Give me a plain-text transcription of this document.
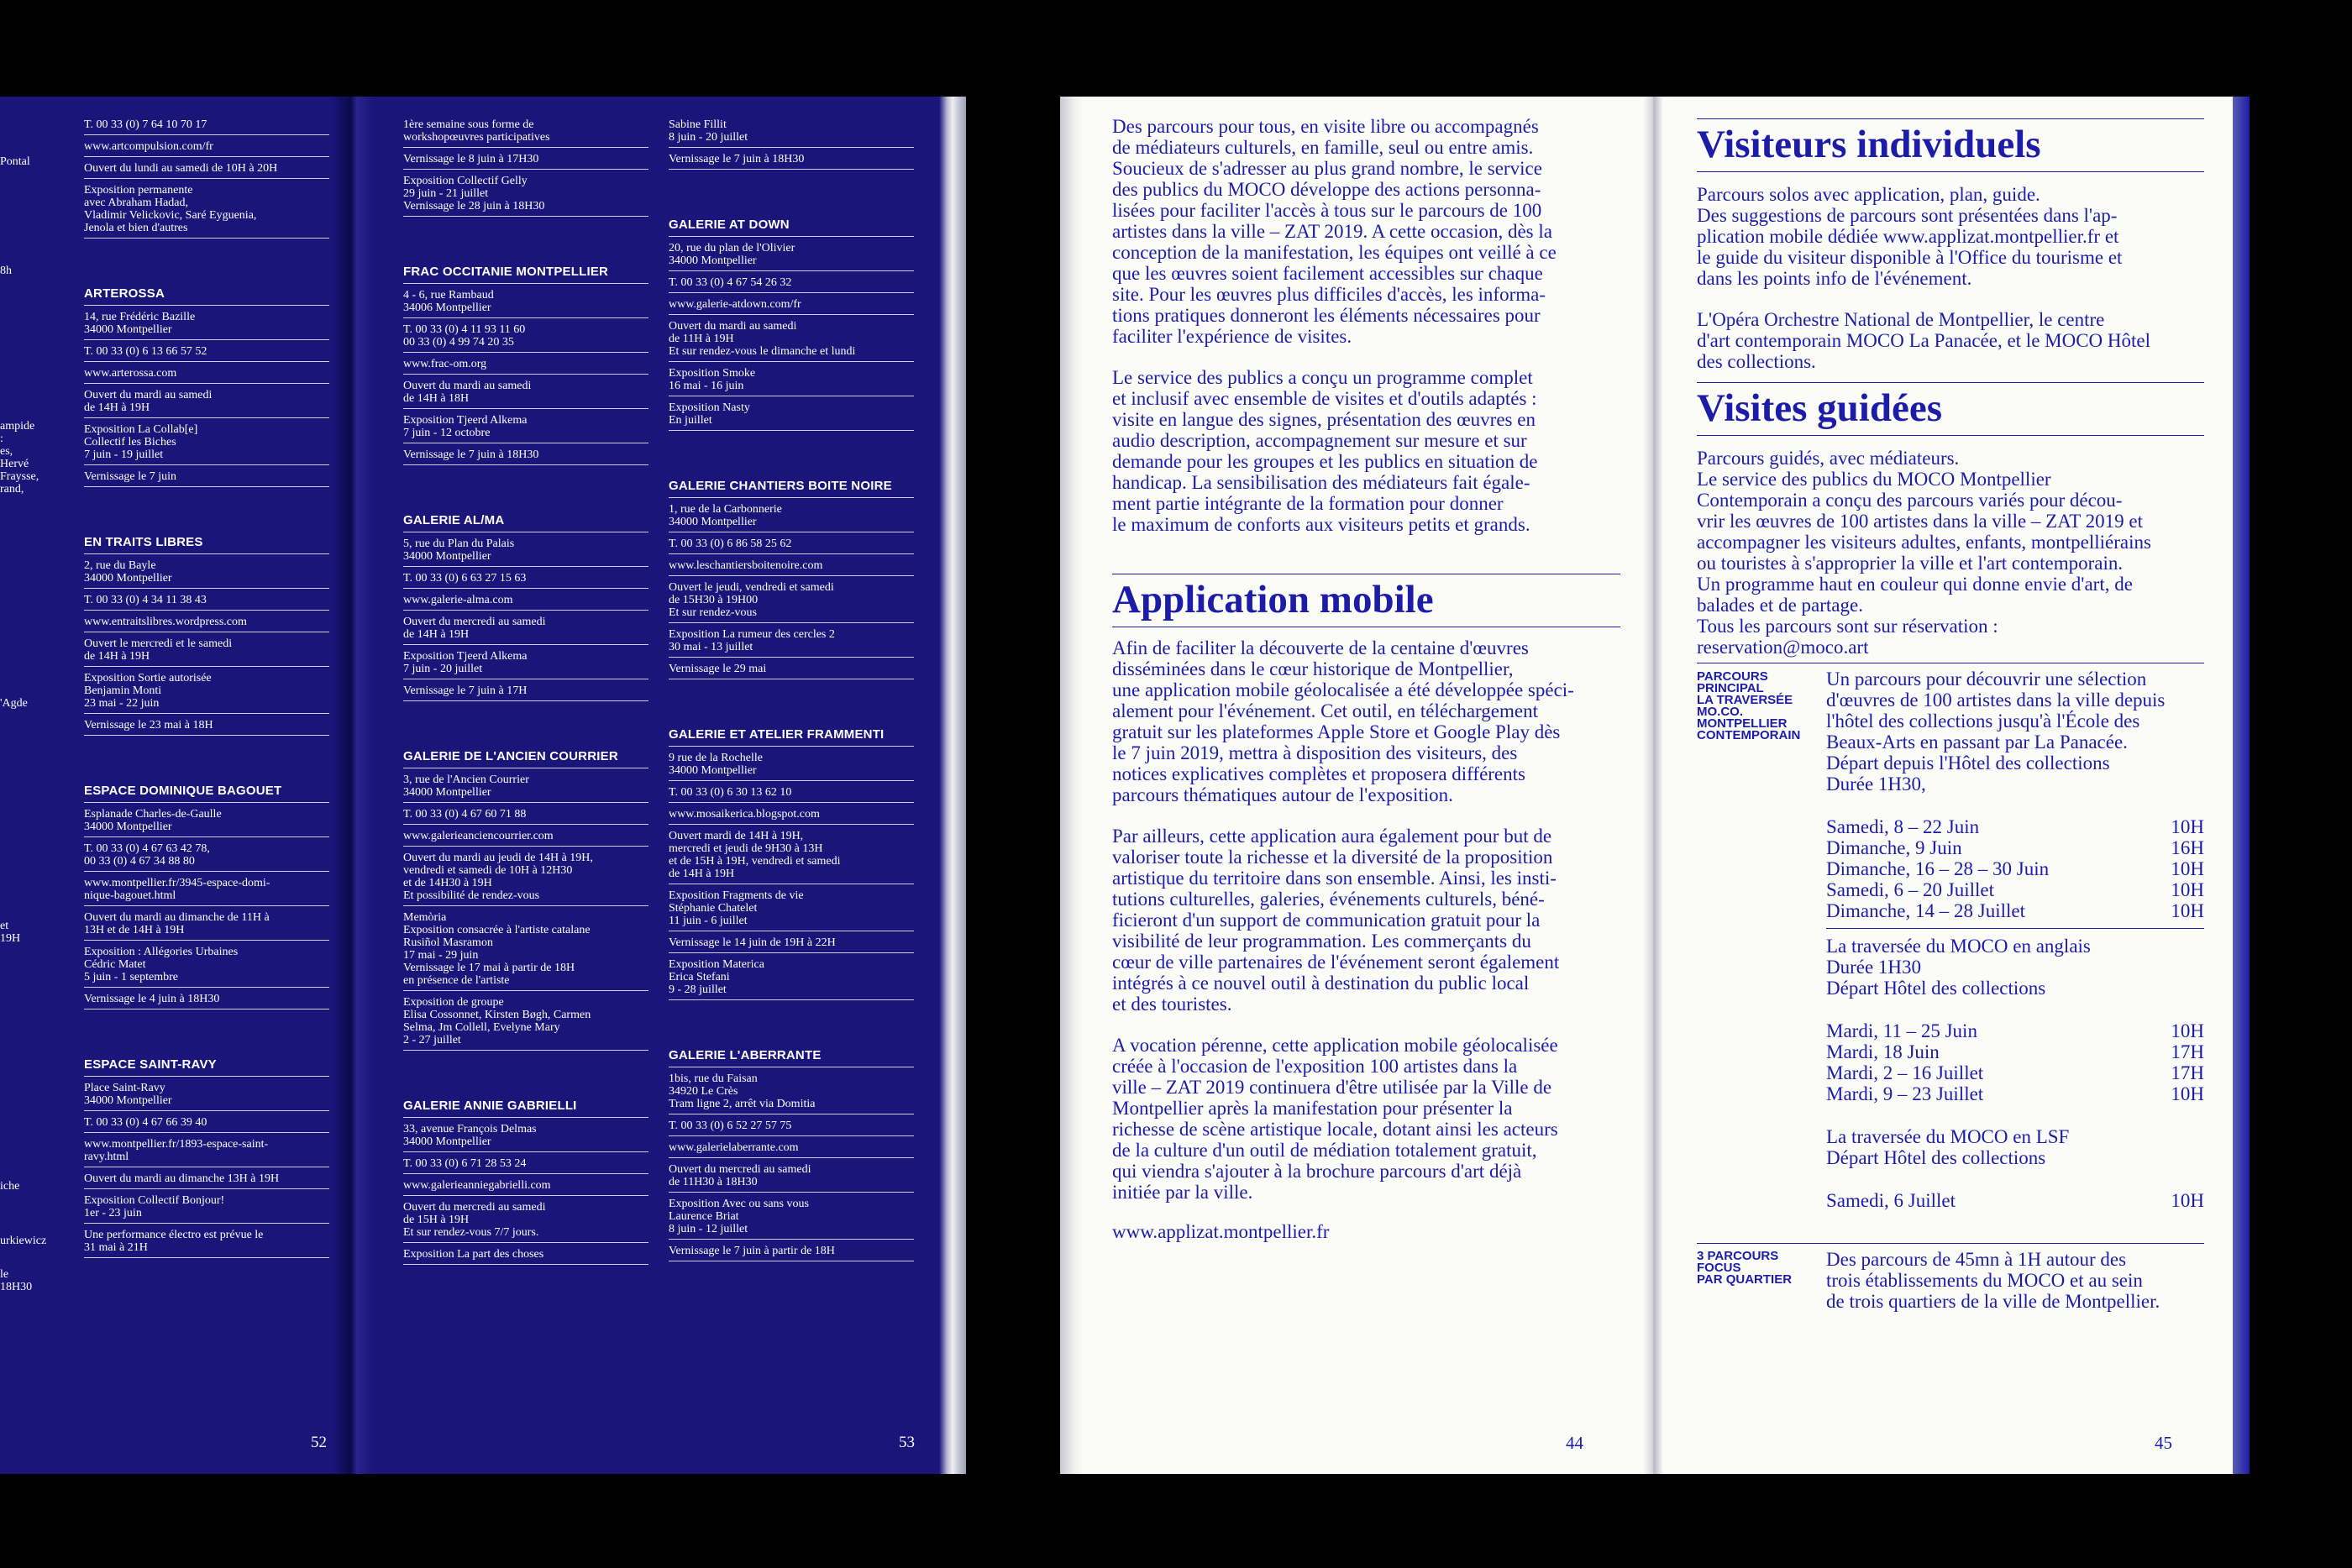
Pontal
8h
ampide :
es, Hervé
Fraysse,
rand,
'Agde
et
19H
iche
urkiewicz
le 18H30
T. 00 33 (0) 7 64 10 70 17
www.artcompulsion.com/fr
Ouvert du lundi au samedi de 10H à 20H
Exposition permanente
avec Abraham Hadad,
Vladimir Velickovic, Saré Eyguenia,
Jenola et bien d'autres
ARTEROSSA
14, rue Frédéric Bazille
34000 Montpellier
T. 00 33 (0) 6 13 66 57 52
www.arterossa.com
Ouvert du mardi au samedi
de 14H à 19H
Exposition La Collab[e]
Collectif les Biches
7 juin - 19 juillet
Vernissage le 7 juin
EN TRAITS LIBRES
2, rue du Bayle
34000 Montpellier
T. 00 33 (0) 4 34 11 38 43
www.entraitslibres.wordpress.com
Ouvert le mercredi et le samedi
de 14H à 19H
Exposition Sortie autorisée
Benjamin Monti
23 mai - 22 juin
Vernissage le 23 mai à 18H
ESPACE DOMINIQUE BAGOUET
Esplanade Charles-de-Gaulle
34000 Montpellier
T. 00 33 (0) 4 67 63 42 78,
00 33 (0) 4 67 34 88 80
www.montpellier.fr/3945-espace-domi-
nique-bagouet.html
Ouvert du mardi au dimanche de 11H à
13H et de 14H à 19H
Exposition : Allégories Urbaines
Cédric Matet
5 juin - 1 septembre
Vernissage le 4 juin à 18H30
ESPACE SAINT-RAVY
Place Saint-Ravy
34000 Montpellier
T. 00 33 (0) 4 67 66 39 40
www.montpellier.fr/1893-espace-saint-
ravy.html
Ouvert du mardi au dimanche 13H à 19H
Exposition Collectif Bonjour!
1er - 23 juin
Une performance électro est prévue le
31 mai à 21H
1ère semaine sous forme de
workshopœuvres participatives
Vernissage le 8 juin à 17H30
Exposition Collectif Gelly
29 juin - 21 juillet
Vernissage le 28 juin à 18H30
FRAC OCCITANIE MONTPELLIER
4 - 6, rue Rambaud
34006 Montpellier
T. 00 33 (0) 4 11 93 11 60
00 33 (0) 4 99 74 20 35
www.frac-om.org
Ouvert du mardi au samedi
de 14H à 18H
Exposition Tjeerd Alkema
7 juin - 12 octobre
Vernissage le 7 juin à 18H30
GALERIE AL/MA
5, rue du Plan du Palais
34000 Montpellier
T. 00 33 (0) 6 63 27 15 63
www.galerie-alma.com
Ouvert du mercredi au samedi
de 14H à 19H
Exposition Tjeerd Alkema
7 juin - 20 juillet
Vernissage le 7 juin à 17H
GALERIE DE L'ANCIEN COURRIER
3, rue de l'Ancien Courrier
34000 Montpellier
T. 00 33 (0) 4 67 60 71 88
www.galerieanciencourrier.com
Ouvert du mardi au jeudi de 14H à 19H,
vendredi et samedi de 10H à 12H30
et de 14H30 à 19H
Et possibilité de rendez-vous
Memòria
Exposition consacrée à l'artiste catalane
Rusiñol Masramon
17 mai - 29 juin
Vernissage le 17 mai à partir de 18H
en présence de l'artiste
Exposition de groupe
Elisa Cossonnet, Kirsten Bøgh, Carmen
Selma, Jm Collell, Evelyne Mary
2 - 27 juillet
GALERIE ANNIE GABRIELLI
33, avenue François Delmas
34000 Montpellier
T. 00 33 (0) 6 71 28 53 24
www.galerieanniegabrielli.com
Ouvert du mercredi au samedi
de 15H à 19H
Et sur rendez-vous 7/7 jours.
Exposition La part des choses
Sabine Fillit
8 juin - 20 juillet
Vernissage le 7 juin à 18H30
GALERIE AT DOWN
20, rue du plan de l'Olivier
34000 Montpellier
T. 00 33 (0) 4 67 54 26 32
www.galerie-atdown.com/fr
Ouvert du mardi au samedi
de 11H à 19H
Et sur rendez-vous le dimanche et lundi
Exposition Smoke
16 mai - 16 juin
Exposition Nasty
En juillet
GALERIE CHANTIERS BOITE NOIRE
1, rue de la Carbonnerie
34000 Montpellier
T. 00 33 (0) 6 86 58 25 62
www.leschantiersboitenoire.com
Ouvert le jeudi, vendredi et samedi
de 15H30 à 19H00
Et sur rendez-vous
Exposition La rumeur des cercles 2
30 mai - 13 juillet
Vernissage le 29 mai
GALERIE ET ATELIER FRAMMENTI
9 rue de la Rochelle
34000 Montpellier
T. 00 33 (0) 6 30 13 62 10
www.mosaikerica.blogspot.com
Ouvert mardi de 14H à 19H,
mercredi et jeudi de 9H30 à 13H
et de 15H à 19H, vendredi et samedi
de 14H à 19H
Exposition Fragments de vie
Stéphanie Chatelet
11 juin - 6 juillet
Vernissage le 14 juin de 19H à 22H
Exposition Materica
Erica Stefani
9 - 28 juillet
GALERIE L'ABERRANTE
1bis, rue du Faisan
34920 Le Crès
Tram ligne 2, arrêt via Domitia
T. 00 33 (0) 6 52 27 57 75
www.galerielaberrante.com
Ouvert du mercredi au samedi
de 11H30 à 18H30
Exposition Avec ou sans vous
Laurence Briat
8 juin - 12 juillet
Vernissage le 7 juin à partir de 18H
52	53
Des parcours pour tous, en visite libre ou accompagnés
de médiateurs culturels, en famille, seul ou entre amis.
Soucieux de s'adresser au plus grand nombre, le service
des publics du MOCO développe des actions personna-
lisées pour faciliter l'accès à tous sur le parcours de 100
artistes dans la ville – ZAT 2019. A cette occasion, dès la
conception de la manifestation, les équipes ont veillé à ce
que les œuvres soient facilement accessibles sur chaque
site. Pour les œuvres plus difficiles d'accès, les informa-
tions pratiques donneront les éléments nécessaires pour
faciliter l'expérience de visites.
Le service des publics a conçu un programme complet
et inclusif avec ensemble de visites et d'outils adaptés :
visite en langue des signes, présentation des œuvres en
audio description, accompagnement sur mesure et sur
demande pour les groupes et les publics en situation de
handicap. La sensibilisation des médiateurs fait égale-
ment partie intégrante de la formation pour donner
le maximum de conforts aux visiteurs petits et grands.
Application mobile
Afin de faciliter la découverte de la centaine d'œuvres
disséminées dans le cœur historique de Montpellier,
une application mobile géolocalisée a été développée spéci-
alement pour l'événement. Cet outil, en téléchargement
gratuit sur les plateformes Apple Store et Google Play dès
le 7 juin 2019, mettra à disposition des visiteurs, des
notices explicatives complètes et proposera différents
parcours thématiques autour de l'exposition.
Par ailleurs, cette application aura également pour but de
valoriser toute la richesse et la diversité de la proposition
artistique du territoire dans son ensemble. Ainsi, les insti-
tutions culturelles, galeries, événements culturels, béné-
ficieront d'un support de communication gratuit pour la
visibilité de leur programmation. Les commerçants du
cœur de ville partenaires de l'événement seront également
intégrés à ce nouvel outil à destination du public local
et des touristes.
A vocation pérenne, cette application mobile géolocalisée
créée à l'occasion de l'exposition 100 artistes dans la
ville – ZAT 2019 continuera d'être utilisée par la Ville de
Montpellier après la manifestation pour présenter la
richesse de scène artistique locale, dotant ainsi les acteurs
de la culture d'un outil de médiation totalement gratuit,
qui viendra s'ajouter à la brochure parcours d'art déjà
initiée par la ville.
www.applizat.montpellier.fr
44
Visiteurs individuels
Parcours solos avec application, plan, guide.
Des suggestions de parcours sont présentées dans l'ap-
plication mobile dédiée www.applizat.montpellier.fr et
le guide du visiteur disponible à l'Office du tourisme et
dans les points info de l'événement.
L'Opéra Orchestre National de Montpellier, le centre
d'art contemporain MOCO La Panacée, et le MOCO Hôtel
des collections.
Visites guidées
Parcours guidés, avec médiateurs.
Le service des publics du MOCO Montpellier
Contemporain a conçu des parcours variés pour décou-
vrir les œuvres de 100 artistes dans la ville – ZAT 2019 et
accompagner les visiteurs adultes, enfants, montpelliérains
ou touristes à s'approprier la ville et l'art contemporain.
Un programme haut en couleur qui donne envie d'art, de
balades et de partage.
Tous les parcours sont sur réservation :
reservation@moco.art
PARCOURS
PRINCIPAL
LA TRAVERSÉE
MO.CO.
MONTPELLIER
CONTEMPORAIN
Un parcours pour découvrir une sélection
d'œuvres de 100 artistes dans la ville depuis
l'hôtel des collections jusqu'à l'École des
Beaux-Arts en passant par La Panacée.
Départ depuis l'Hôtel des collections
Durée 1H30,
Samedi, 8 – 22 Juin	10H
Dimanche, 9 Juin	16H
Dimanche, 16 – 28 – 30 Juin	10H
Samedi, 6 – 20 Juillet	10H
Dimanche, 14 – 28 Juillet	10H
La traversée du MOCO en anglais
Durée 1H30
Départ Hôtel des collections
Mardi, 11 – 25 Juin	10H
Mardi, 18 Juin	17H
Mardi, 2 – 16 Juillet	17H
Mardi, 9 – 23 Juillet	10H
La traversée du MOCO en LSF
Départ Hôtel des collections
Samedi, 6 Juillet	10H
3 PARCOURS
FOCUS
PAR QUARTIER
Des parcours de 45mn à 1H autour des
trois établissements du MOCO et au sein
de trois quartiers de la ville de Montpellier.
45
